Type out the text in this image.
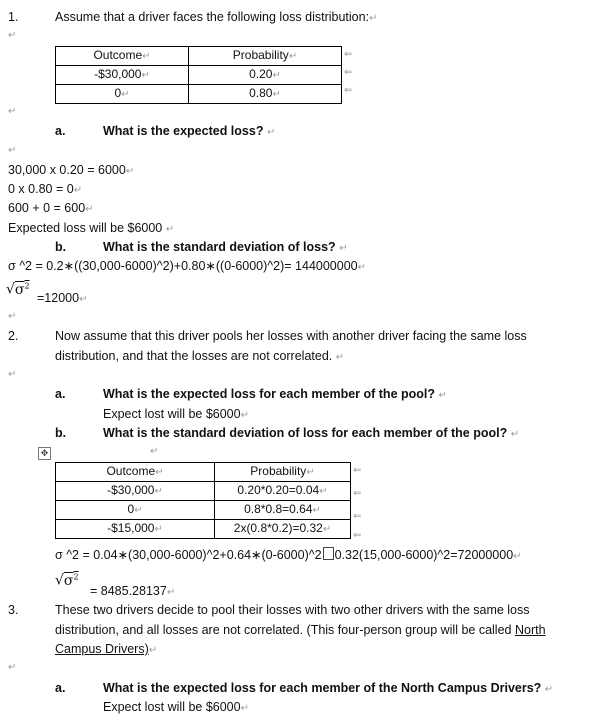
1.	Assume that a driver faces the following loss distribution:↵
↵
Outcome↵	Probability↵
-$30,000↵	0.20↵
0↵	0.80↵
⇐
⇐
⇐
↵
a.	What is the expected loss? ↵
↵
30,000 x 0.20 = 6000↵
0 x 0.80 = 0↵
600 + 0 = 600↵
Expected loss will be $6000 ↵
b.	What is the standard deviation of loss? ↵
σ ^2 = 0.2∗((30,000-6000)^2)+0.80∗((0-6000)^2)= 144000000↵
$√\sigma^2$
=12000↵
↵
2.	Now assume that this driver pools her losses with another driver facing the same loss
distribution, and that the losses are not correlated. ↵
↵
a.	What is the expected loss for each member of the pool? ↵
Expect lost will be $6000↵
b.	What is the standard deviation of loss for each member of the pool? ↵
✥	↵
Outcome↵	Probability↵
-$30,000↵	0.20*0.20=0.04↵
0↵	0.8*0.8=0.64↵
-$15,000↵	2x(0.8*0.2)=0.32↵
⇐
⇐
⇐
⇐
σ ^2 = 0.04∗(30,000-6000)^2+0.64∗(0-6000)^2 0.32(15,000-6000)^2=72000000↵
$√\sigma^2$
= 8485.28137↵
3.	These two drivers decide to pool their losses with two other drivers with the same loss
distribution, and all losses are not correlated. (This four-person group will be called North
Campus Drivers)↵
↵
a.	What is the expected loss for each member of the North Campus Drivers? ↵
Expect lost will be $6000↵
